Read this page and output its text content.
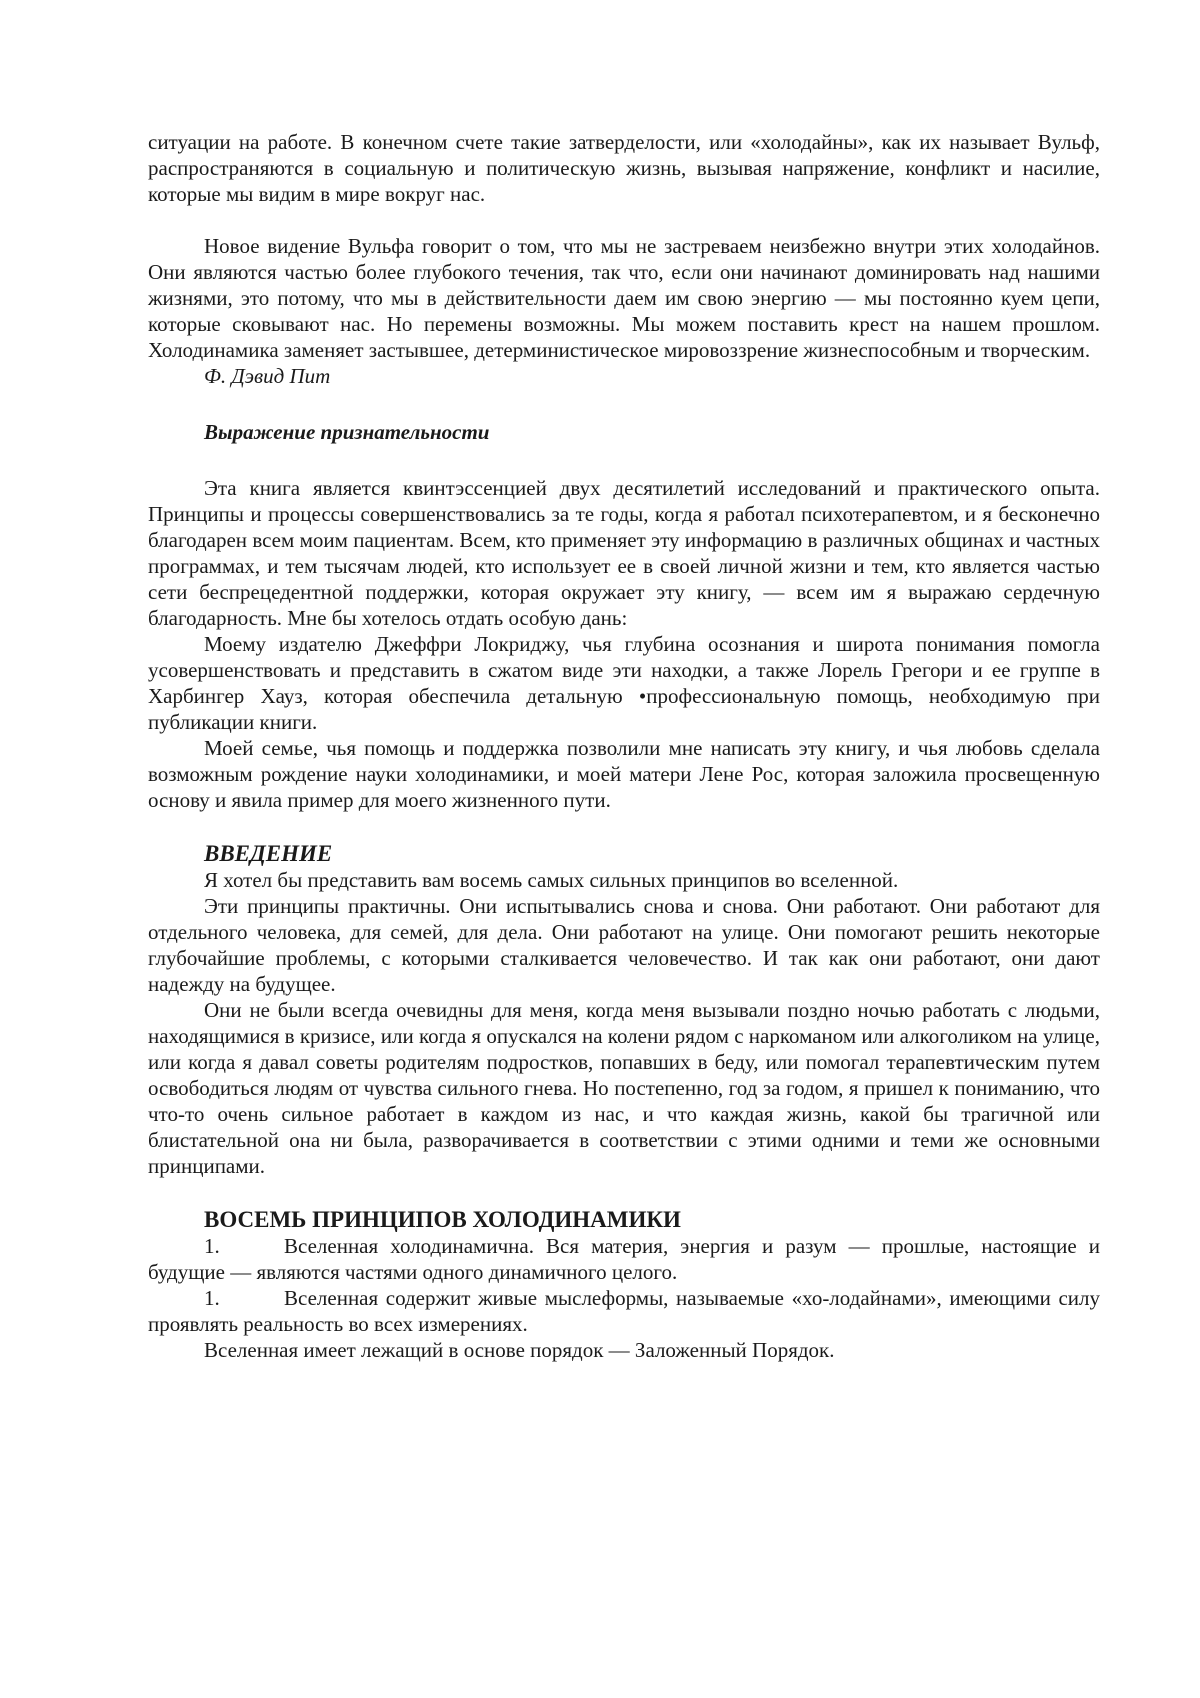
ситуации на работе. В конечном счете такие затверделости, или «холодайны», как их называет Вульф, распространяются в социальную и политическую жизнь, вызывая напряжение, конфликт и насилие, которые мы видим в мире вокруг нас.

Новое видение Вульфа говорит о том, что мы не застреваем неизбежно внутри этих холодайнов. Они являются частью более глубокого течения, так что, если они начинают доминировать над нашими жизнями, это потому, что мы в действительности даем им свою энергию — мы постоянно куем цепи, которые сковывают нас. Но перемены возможны. Мы можем поставить крест на нашем прошлом. Холодинамика заменяет застывшее, детерминистическое мировоззрение жизнеспособным и творческим.

Ф. Дэвид Пит

Выражение признательности

Эта книга является квинтэссенцией двух десятилетий исследований и практического опыта. Принципы и процессы совершенствовались за те годы, когда я работал психотерапевтом, и я бесконечно благодарен всем моим пациентам. Всем, кто применяет эту информацию в различных общинах и частных программах, и тем тысячам людей, кто использует ее в своей личной жизни и тем, кто является частью сети беспрецедентной поддержки, которая окружает эту книгу, — всем им я выражаю сердечную благодарность. Мне бы хотелось отдать особую дань:

Моему издателю Джеффри Локриджу, чья глубина осознания и широта понимания помогла усовершенствовать и представить в сжатом виде эти находки, а также Лорель Грегори и ее группе в Харбингер Хауз, которая обеспечила детальную •профессиональную помощь, необходимую при публикации книги.

Моей семье, чья помощь и поддержка позволили мне написать эту книгу, и чья любовь сделала возможным рождение науки холодинамики, и моей матери Лене Рос, которая заложила просвещенную основу и явила пример для моего жизненного пути.

ВВЕДЕНИЕ

Я хотел бы представить вам восемь самых сильных принципов во вселенной.

Эти принципы практичны. Они испытывались снова и снова. Они работают. Они работают для отдельного человека, для семей, для дела. Они работают на улице. Они помогают решить некоторые глубочайшие проблемы, с которыми сталкивается человечество. И так как они работают, они дают надежду на будущее.

Они не были всегда очевидны для меня, когда меня вызывали поздно ночью работать с людьми, находящимися в кризисе, или когда я опускался на колени рядом с наркоманом или алкоголиком на улице, или когда я давал советы родителям подростков, попавших в беду, или помогал терапевтическим путем освободиться людям от чувства сильного гнева. Но постепенно, год за годом, я пришел к пониманию, что что-то очень сильное работает в каждом из нас, и что каждая жизнь, какой бы трагичной или блистательной она ни была, разворачивается в соответствии с этими одними и теми же основными принципами.

ВОСЕМЬ ПРИНЦИПОВ ХОЛОДИНАМИКИ

1.	Вселенная холодинамична. Вся материя, энергия и разум — прошлые, настоящие и будущие — являются частями одного динамичного целого.

1.	Вселенная содержит живые мыслеформы, называемые «хо-лодайнами», имеющими силу проявлять реальность во всех измерениях.

Вселенная имеет лежащий в основе порядок — Заложенный Порядок.
